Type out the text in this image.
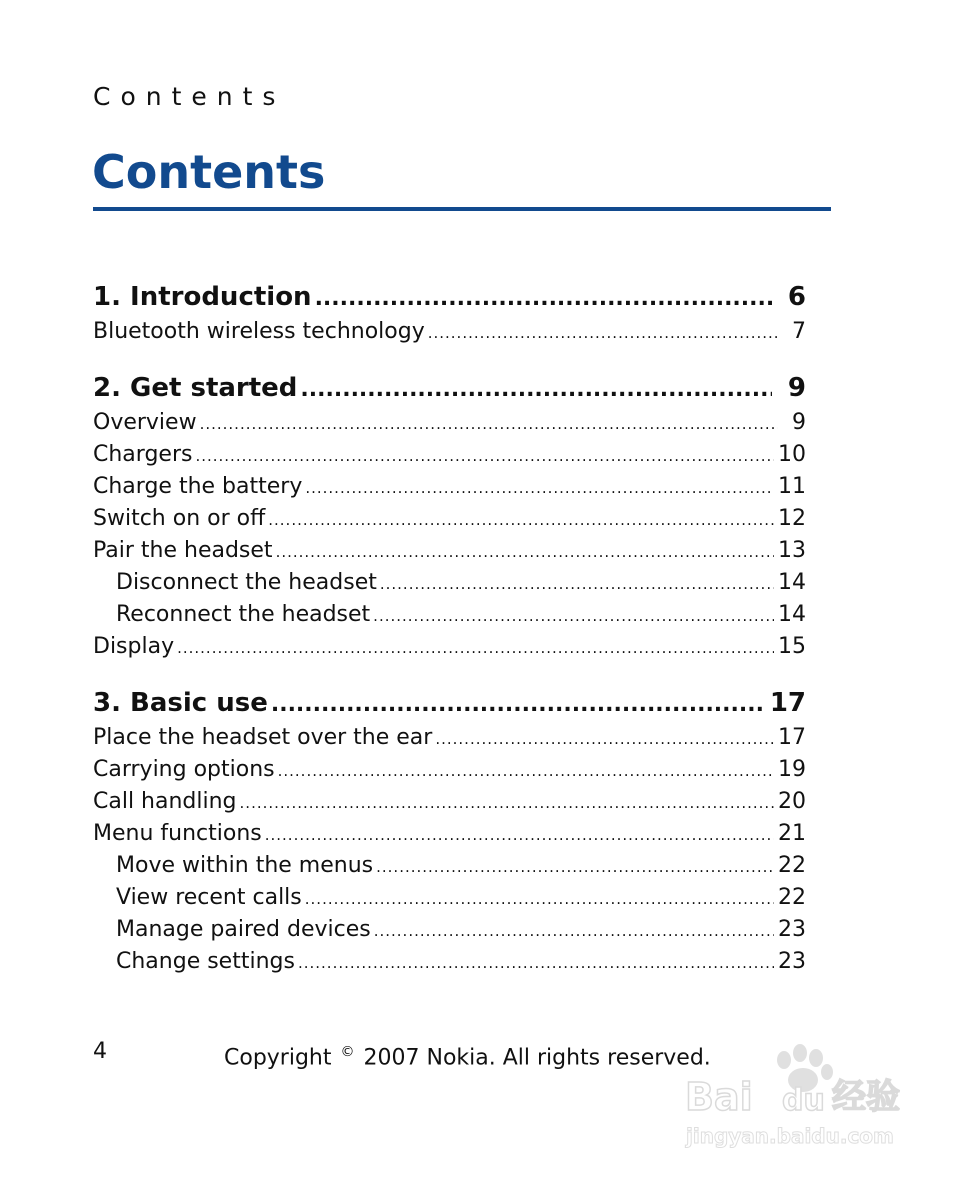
Contents
Contents
1. Introduction .....	6
Bluetooth wireless technology .....	7
2. Get started .....	9
Overview .....	9
Chargers .....	10
Charge the battery .....	11
Switch on or off .....	12
Pair the headset .....	13
Disconnect the headset .....	14
Reconnect the headset .....	14
Display .....	15
3. Basic use .....	17
Place the headset over the ear .....	17
Carrying options .....	19
Call handling .....	20
Menu functions .....	21
Move within the menus .....	22
View recent calls .....	22
Manage paired devices .....	23
Change settings .....	23
4	Copyright © 2007 Nokia. All rights reserved.
Bai du 经验
jingyan.baidu.com
